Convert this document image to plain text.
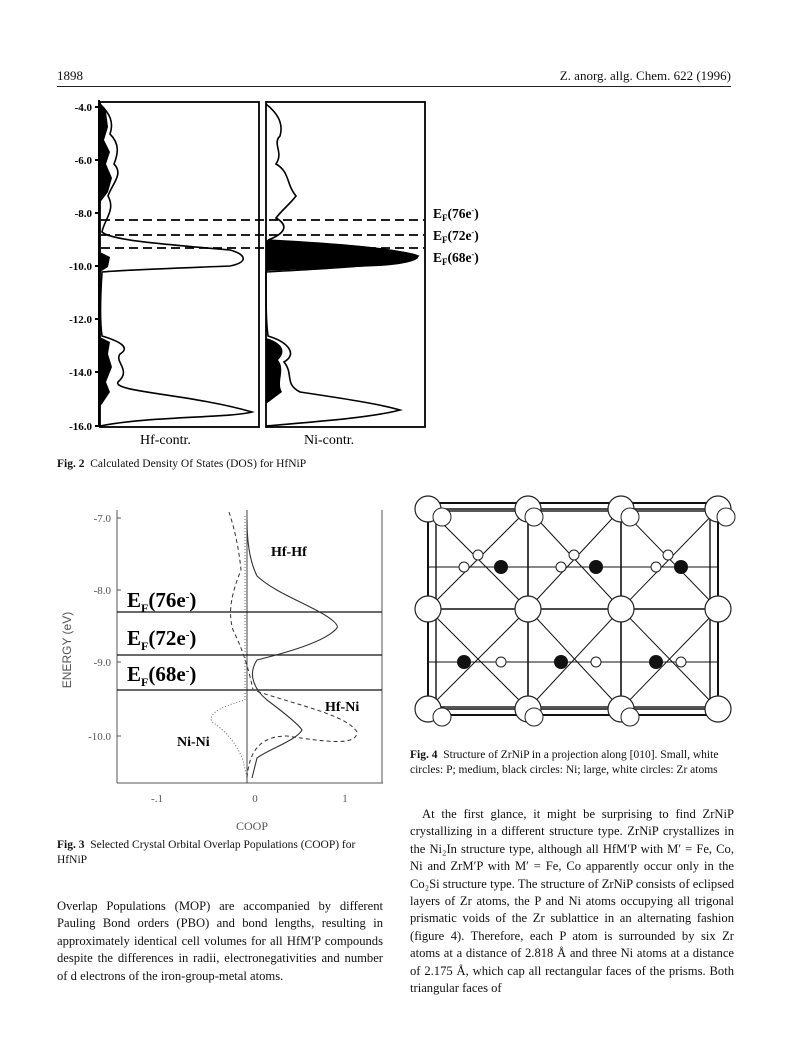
1898	Z. anorg. allg. Chem. 622 (1996)
-4.0
-6.0
-8.0
-10.0
-12.0
-14.0
-16.0
$E_F(76e^-)$
$E_F(72e^-)$
$E_F(68e^-)$
Hf-contr.	Ni-contr.
Fig. 2 Calculated Density Of States (DOS) for HfNiP
-7.0
-8.0
-9.0
-10.0
-.1	0	1
COOP
ENERGY (eV)
Hf-Hf
Hf-Ni
Ni-Ni
$E_F(76e^-)$
$E_F(72e^-)$
$E_F(68e^-)$
Fig. 3 Selected Crystal Orbital Overlap Populations (COOP) for HfNiP
Fig. 4 Structure of ZrNiP in a projection along [010]. Small, white circles: P; medium, black circles: Ni; large, white circles: Zr atoms
Overlap Populations (MOP) are accompanied by different Pauling Bond orders (PBO) and bond lengths, resulting in approximately identical cell volumes for all HfM′P compounds despite the differences in radii, electronegativities and number of d electrons of the iron-group-metal atoms.
At the first glance, it might be surprising to find ZrNiP crystallizing in a different structure type. ZrNiP crystallizes in the Ni₂In structure type, although all HfM′P with M′ = Fe, Co, Ni and ZrM′P with M′ = Fe, Co apparently occur only in the Co₂Si structure type. The structure of ZrNiP consists of eclipsed layers of Zr atoms, the P and Ni atoms occupying all trigonal prismatic voids of the Zr sublattice in an alternating fashion (figure 4). Therefore, each P atom is surrounded by six Zr atoms at a distance of 2.818 Å and three Ni atoms at a distance of 2.175 Å, which cap all rectangular faces of the prisms. Both triangular faces of
